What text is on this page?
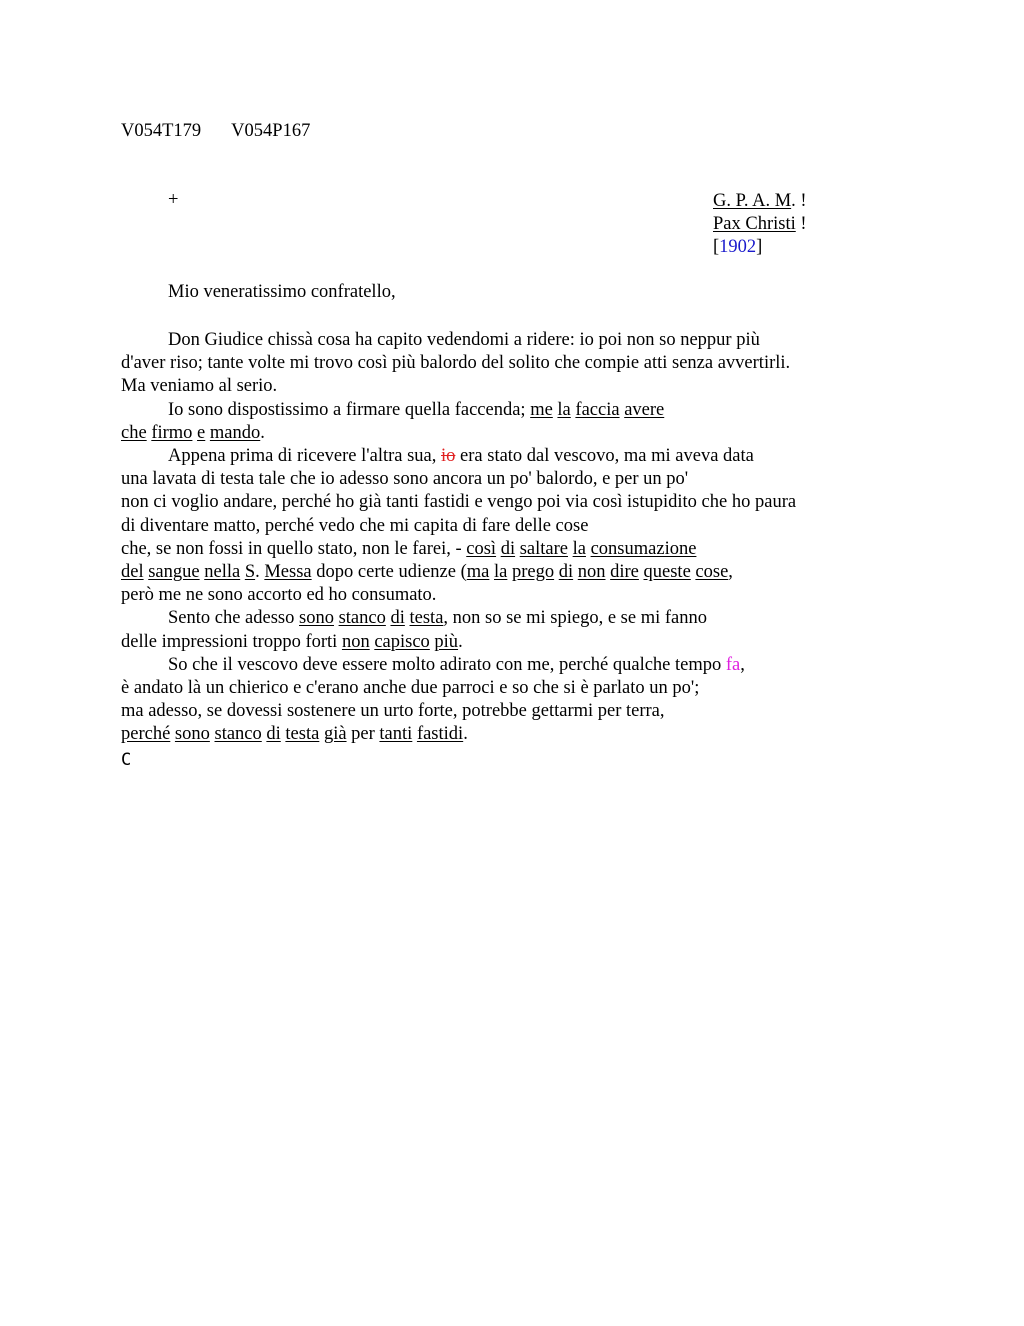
V054T179 V054P167
+	G. P. A. M. !
Pax Christi !
[1902]
Mio veneratissimo confratello,
Don Giudice chissà cosa ha capito vedendomi a ridere: io poi non so neppur più
d'aver riso; tante volte mi trovo così più balordo del solito che compie atti senza avvertirli.
Ma veniamo al serio.
Io sono dispostissimo a firmare quella faccenda; me la faccia avere
che firmo e mando.
Appena prima di ricevere l'altra sua, io era stato dal vescovo, ma mi aveva data
una lavata di testa tale che io adesso sono ancora un po' balordo, e per un po'
non ci voglio andare, perché ho già tanti fastidi e vengo poi via così istupidito che ho paura
di diventare matto, perché vedo che mi capita di fare delle cose
che, se non fossi in quello stato, non le farei, - così di saltare la consumazione
del sangue nella S. Messa dopo certe udienze (ma la prego di non dire queste cose,
però me ne sono accorto ed ho consumato.
Sento che adesso sono stanco di testa, non so se mi spiego, e se mi fanno
delle impressioni troppo forti non capisco più.
So che il vescovo deve essere molto adirato con me, perché qualche tempo fa,
è andato là un chierico e c'erano anche due parroci e so che si è parlato un po';
ma adesso, se dovessi sostenere un urto forte, potrebbe gettarmi per terra,
perché sono stanco di testa già per tanti fastidi.
C
